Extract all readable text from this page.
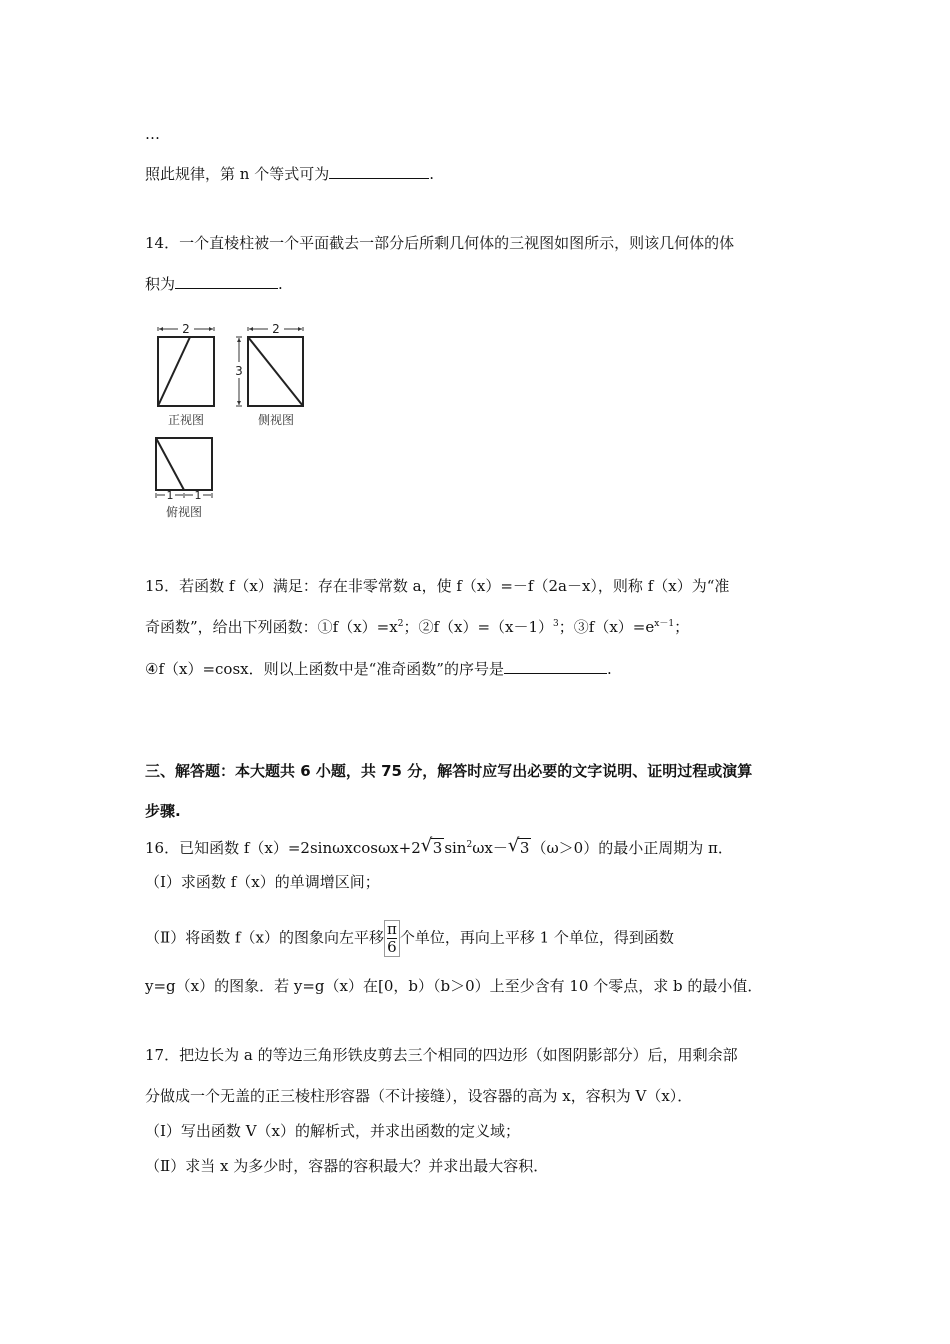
…
照此规律，第 n 个等式可为	.
14．一个直棱柱被一个平面截去一部分后所剩几何体的三视图如图所示，则该几何体的体
积为	.
2
正视图
2
3
侧视图
1 1
俯视图
15．若函数 f（x）满足：存在非零常数 a，使 f（x）=－f（2a－x），则称 f（x）为“准
奇函数”，给出下列函数：$①f(x)=x^2$；$②f(x)=(x-1)^3$；$③f(x)=e^{x-1}$；
④f（x）=cosx．则以上函数中是“准奇函数”的序号是	.
三、解答题：本大题共 6 小题，共 75 分，解答时应写出必要的文字说明、证明过程或演算
步骤.
16．已知函数 f（x）=2sinωxcosωx+2 √ 3 $\sin^2\omega x-$ √ 3 （ω＞0）的最小正周期为 π．
（Ⅰ）求函数 f（x）的单调增区间；
（Ⅱ）将函数 f（x）的图象向左平移 $\frac{\pi}{6}$ 个单位，再向上平移 1 个单位，得到函数
y=g（x）的图象．若 y=g（x）在[0，b）（b＞0）上至少含有 10 个零点，求 b 的最小值．
17．把边长为 a 的等边三角形铁皮剪去三个相同的四边形（如图阴影部分）后，用剩余部
分做成一个无盖的正三棱柱形容器（不计接缝），设容器的高为 x，容积为 V（x）．
（Ⅰ）写出函数 V（x）的解析式，并求出函数的定义域；
（Ⅱ）求当 x 为多少时，容器的容积最大？并求出最大容积．
